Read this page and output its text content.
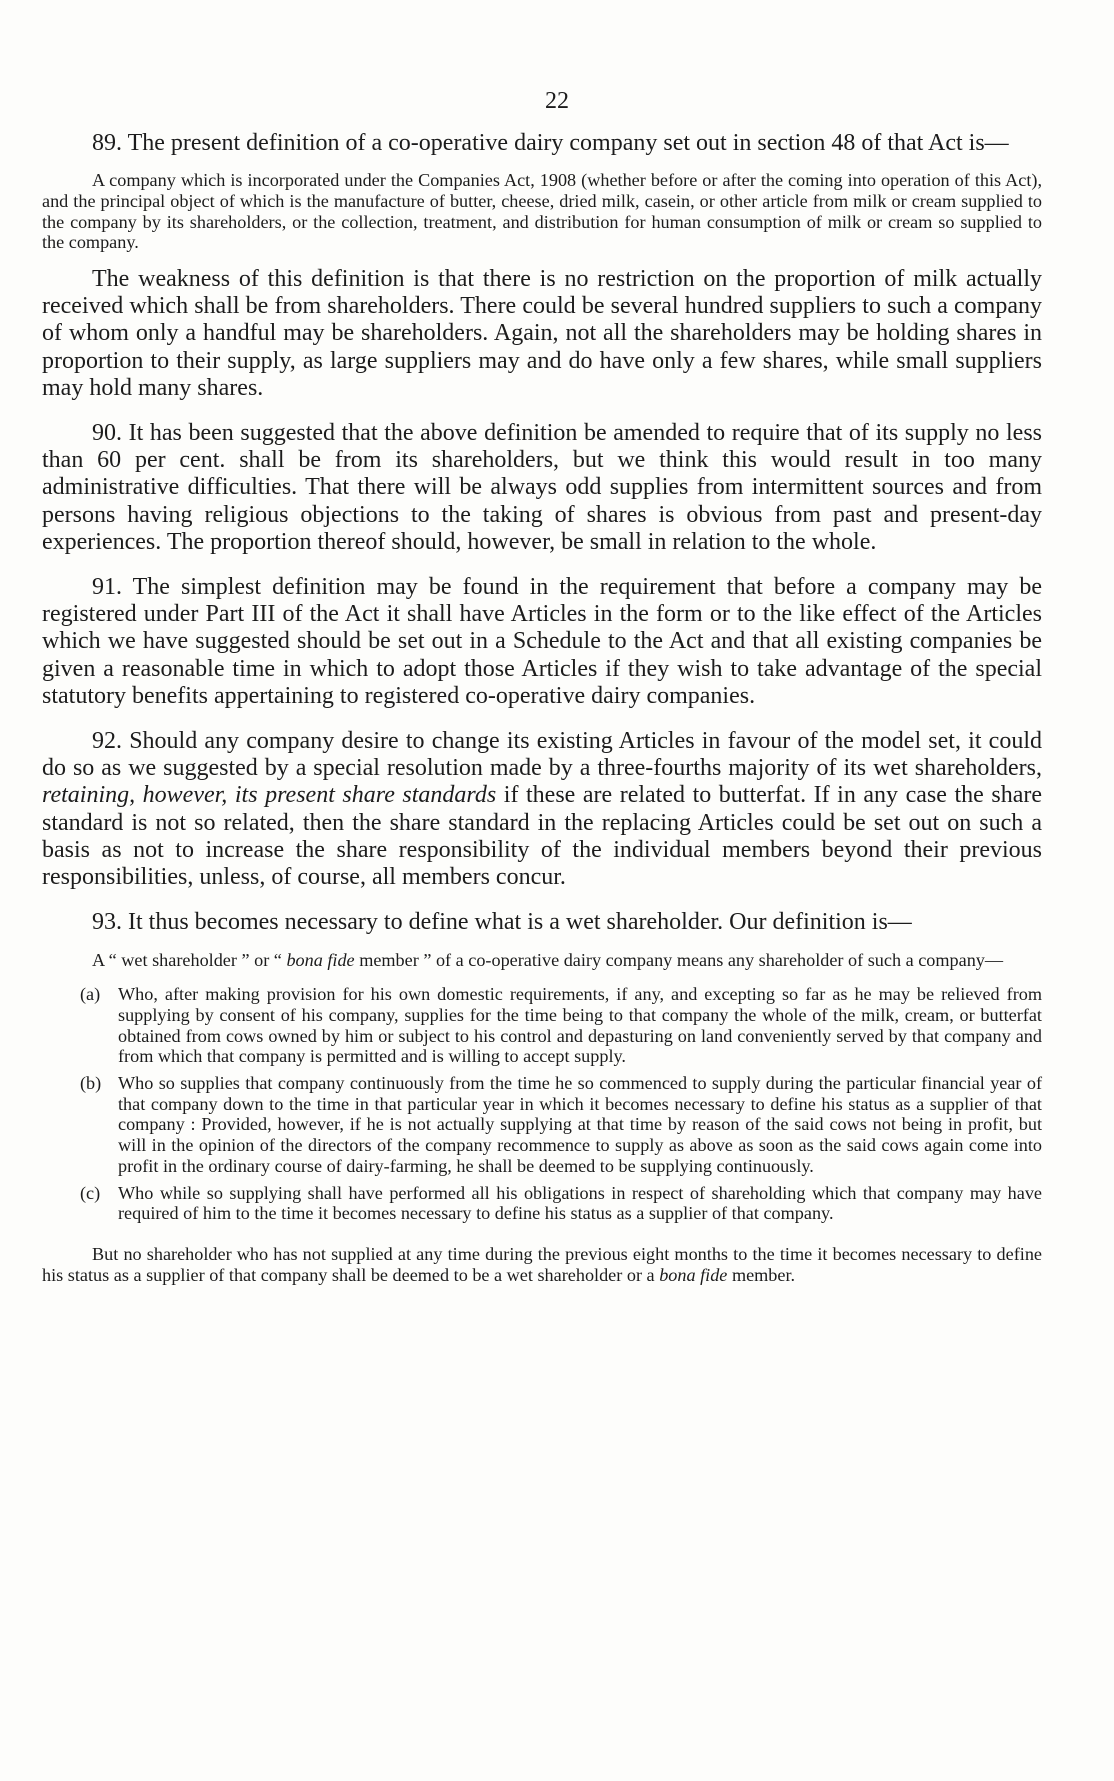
22

89. The present definition of a co-operative dairy company set out in section 48 of that Act is—

A company which is incorporated under the Companies Act, 1908 (whether before or after the coming into operation of this Act), and the principal object of which is the manufacture of butter, cheese, dried milk, casein, or other article from milk or cream supplied to the company by its shareholders, or the collection, treatment, and distribution for human consumption of milk or cream so supplied to the company.

The weakness of this definition is that there is no restriction on the proportion of milk actually received which shall be from shareholders. There could be several hundred suppliers to such a company of whom only a handful may be shareholders. Again, not all the shareholders may be holding shares in proportion to their supply, as large suppliers may and do have only a few shares, while small suppliers may hold many shares.

90. It has been suggested that the above definition be amended to require that of its supply no less than 60 per cent. shall be from its shareholders, but we think this would result in too many administrative difficulties. That there will be always odd supplies from intermittent sources and from persons having religious objections to the taking of shares is obvious from past and present-day experiences. The proportion thereof should, however, be small in relation to the whole.

91. The simplest definition may be found in the requirement that before a company may be registered under Part III of the Act it shall have Articles in the form or to the like effect of the Articles which we have suggested should be set out in a Schedule to the Act and that all existing companies be given a reasonable time in which to adopt those Articles if they wish to take advantage of the special statutory benefits appertaining to registered co-operative dairy companies.

92. Should any company desire to change its existing Articles in favour of the model set, it could do so as we suggested by a special resolution made by a three-fourths majority of its wet shareholders, retaining, however, its present share standards if these are related to butterfat. If in any case the share standard is not so related, then the share standard in the replacing Articles could be set out on such a basis as not to increase the share responsibility of the individual members beyond their previous responsibilities, unless, of course, all members concur.

93. It thus becomes necessary to define what is a wet shareholder. Our definition is—

A “ wet shareholder ” or “ bona fide member ” of a co-operative dairy company means any shareholder of such a company—

(a) Who, after making provision for his own domestic requirements, if any, and excepting so far as he may be relieved from supplying by consent of his company, supplies for the time being to that company the whole of the milk, cream, or butterfat obtained from cows owned by him or subject to his control and depasturing on land conveniently served by that company and from which that company is permitted and is willing to accept supply.

(b) Who so supplies that company continuously from the time he so commenced to supply during the particular financial year of that company down to the time in that particular year in which it becomes necessary to define his status as a supplier of that company : Provided, however, if he is not actually supplying at that time by reason of the said cows not being in profit, but will in the opinion of the directors of the company recommence to supply as above as soon as the said cows again come into profit in the ordinary course of dairy-farming, he shall be deemed to be supplying continuously.

(c) Who while so supplying shall have performed all his obligations in respect of shareholding which that company may have required of him to the time it becomes necessary to define his status as a supplier of that company.

But no shareholder who has not supplied at any time during the previous eight months to the time it becomes necessary to define his status as a supplier of that company shall be deemed to be a wet shareholder or a bona fide member.
